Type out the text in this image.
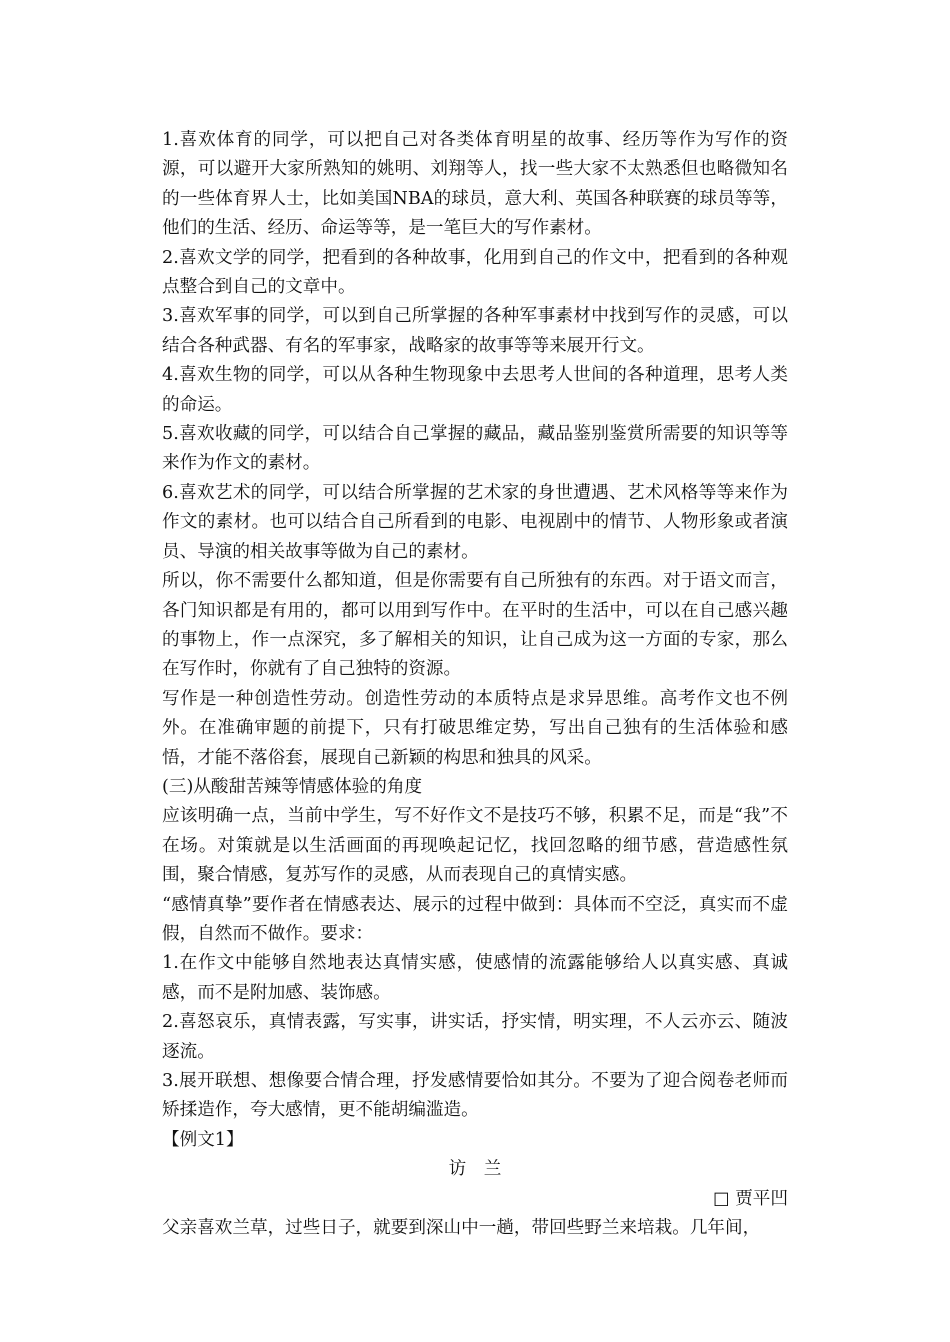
1.喜欢体育的同学，可以把自己对各类体育明星的故事、经历等作为写作的资源，可以避开大家所熟知的姚明、刘翔等人，找一些大家不太熟悉但也略微知名的一些体育界人士，比如美国NBA的球员，意大利、英国各种联赛的球员等等，他们的生活、经历、命运等等，是一笔巨大的写作素材。

2.喜欢文学的同学，把看到的各种故事，化用到自己的作文中，把看到的各种观点整合到自己的文章中。

3.喜欢军事的同学，可以到自己所掌握的各种军事素材中找到写作的灵感，可以结合各种武器、有名的军事家，战略家的故事等等来展开行文。

4.喜欢生物的同学，可以从各种生物现象中去思考人世间的各种道理，思考人类的命运。

5.喜欢收藏的同学，可以结合自己掌握的藏品，藏品鉴别鉴赏所需要的知识等等来作为作文的素材。

6.喜欢艺术的同学，可以结合所掌握的艺术家的身世遭遇、艺术风格等等来作为作文的素材。也可以结合自己所看到的电影、电视剧中的情节、人物形象或者演员、导演的相关故事等做为自己的素材。

所以，你不需要什么都知道，但是你需要有自己所独有的东西。对于语文而言，各门知识都是有用的，都可以用到写作中。在平时的生活中，可以在自己感兴趣的事物上，作一点深究，多了解相关的知识，让自己成为这一方面的专家，那么在写作时，你就有了自己独特的资源。

写作是一种创造性劳动。创造性劳动的本质特点是求异思维。高考作文也不例外。在准确审题的前提下，只有打破思维定势，写出自己独有的生活体验和感悟，才能不落俗套，展现自己新颖的构思和独具的风采。

(三)从酸甜苦辣等情感体验的角度

应该明确一点，当前中学生，写不好作文不是技巧不够，积累不足，而是“我”不在场。对策就是以生活画面的再现唤起记忆，找回忽略的细节感，营造感性氛围，聚合情感，复苏写作的灵感，从而表现自己的真情实感。

“感情真挚”要作者在情感表达、展示的过程中做到：具体而不空泛，真实而不虚假，自然而不做作。要求：

1.在作文中能够自然地表达真情实感，使感情的流露能够给人以真实感、真诚感，而不是附加感、装饰感。

2.喜怒哀乐，真情表露，写实事，讲实话，抒实情，明实理，不人云亦云、随波逐流。

3.展开联想、想像要合情合理，抒发感情要恰如其分。不要为了迎合阅卷老师而矫揉造作，夸大感情，更不能胡编滥造。

【例文1】

访　兰

□ 贾平凹

父亲喜欢兰草，过些日子，就要到深山中一趟，带回些野兰来培栽。几年间，
